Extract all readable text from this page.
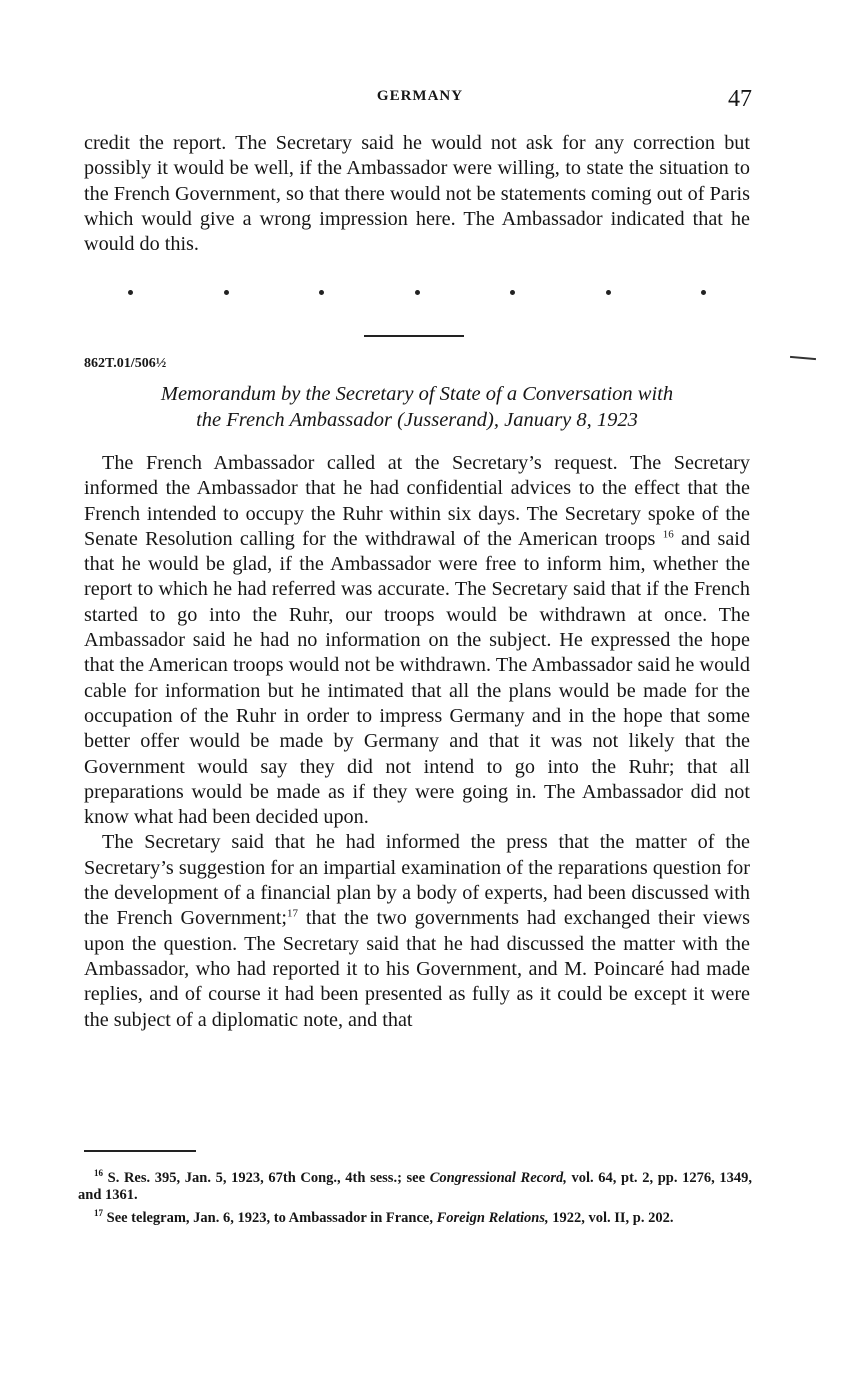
GERMANY	47

credit the report. The Secretary said he would not ask for any correction but possibly it would be well, if the Ambassador were willing, to state the situation to the French Government, so that there would not be statements coming out of Paris which would give a wrong impression here. The Ambassador indicated that he would do this.

862T.01/506½
Memorandum by the Secretary of State of a Conversation with
the French Ambassador (Jusserand), January 8, 1923

The French Ambassador called at the Secretary’s request. The Secretary informed the Ambassador that he had confidential advices to the effect that the French intended to occupy the Ruhr within six days. The Secretary spoke of the Senate Resolution calling for the withdrawal of the American troops $^{16}$ and said that he would be glad, if the Ambassador were free to inform him, whether the report to which he had referred was accurate. The Secretary said that if the French started to go into the Ruhr, our troops would be withdrawn at once. The Ambassador said he had no information on the subject. He expressed the hope that the American troops would not be withdrawn. The Ambassador said he would cable for information but he intimated that all the plans would be made for the occupation of the Ruhr in order to impress Germany and in the hope that some better offer would be made by Germany and that it was not likely that the Government would say they did not intend to go into the Ruhr; that all preparations would be made as if they were going in. The Ambassador did not know what had been decided upon.

The Secretary said that he had informed the press that the matter of the Secretary’s suggestion for an impartial examination of the reparations question for the development of a financial plan by a body of experts, had been discussed with the French Government;$^{17}$ that the two governments had exchanged their views upon the question. The Secretary said that he had discussed the matter with the Ambassador, who had reported it to his Government, and M. Poincaré had made replies, and of course it had been presented as fully as it could be except it were the subject of a diplomatic note, and that

$^{16}$ S. Res. 395, Jan. 5, 1923, 67th Cong., 4th sess.; see Congressional Record, vol. 64, pt. 2, pp. 1276, 1349, and 1361.

$^{17}$ See telegram, Jan. 6, 1923, to Ambassador in France, Foreign Relations, 1922, vol. II, p. 202.
